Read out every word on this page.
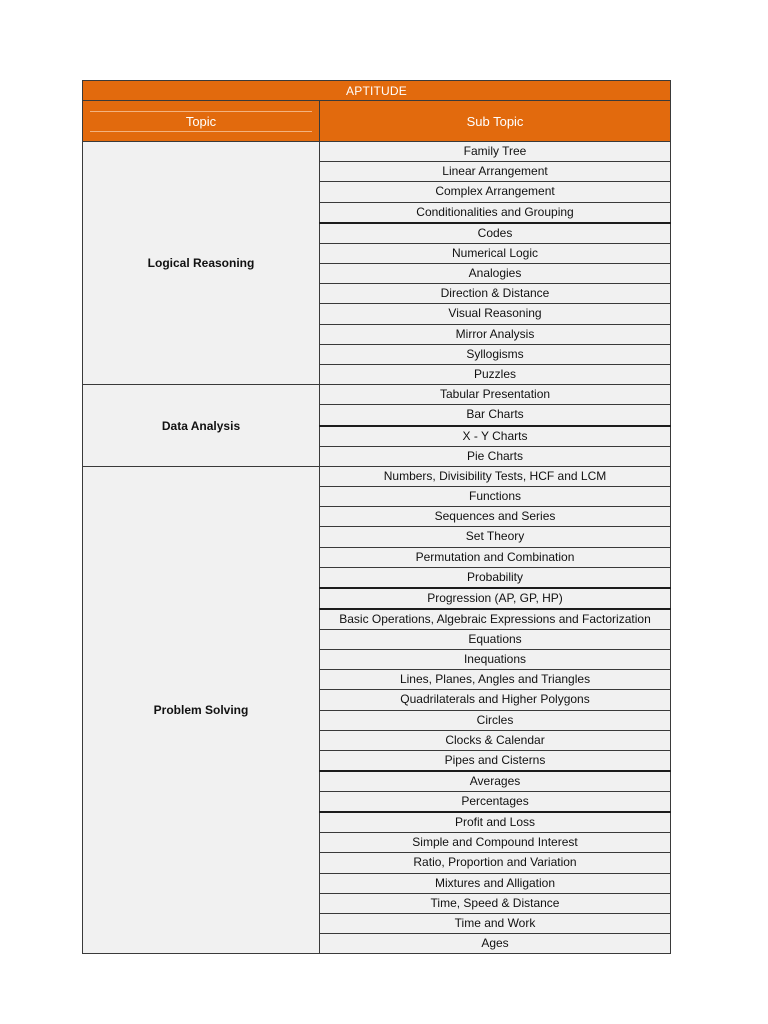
APTITUDE	

Topic	Sub Topic
Logical Reasoning	Family Tree
	Linear Arrangement
	Complex Arrangement
	Conditionalities and Grouping
	Codes
	Numerical Logic
	Analogies
	Direction & Distance
	Visual Reasoning
	Mirror Analysis
	Syllogisms
	Puzzles
Data Analysis	Tabular Presentation
	Bar Charts
	X - Y Charts
	Pie Charts
Problem Solving	Numbers, Divisibility Tests, HCF and LCM
	Functions
	Sequences and Series
	Set Theory
	Permutation and Combination
	Probability
	Progression (AP, GP, HP)
	Basic Operations, Algebraic Expressions and Factorization
	Equations
	Inequations
	Lines, Planes, Angles and Triangles
	Quadrilaterals and Higher Polygons
	Circles
	Clocks & Calendar
	Pipes and Cisterns
	Averages
	Percentages
	Profit and Loss
	Simple and Compound Interest
	Ratio, Proportion and Variation
	Mixtures and Alligation
	Time, Speed & Distance
	Time and Work
	Ages
